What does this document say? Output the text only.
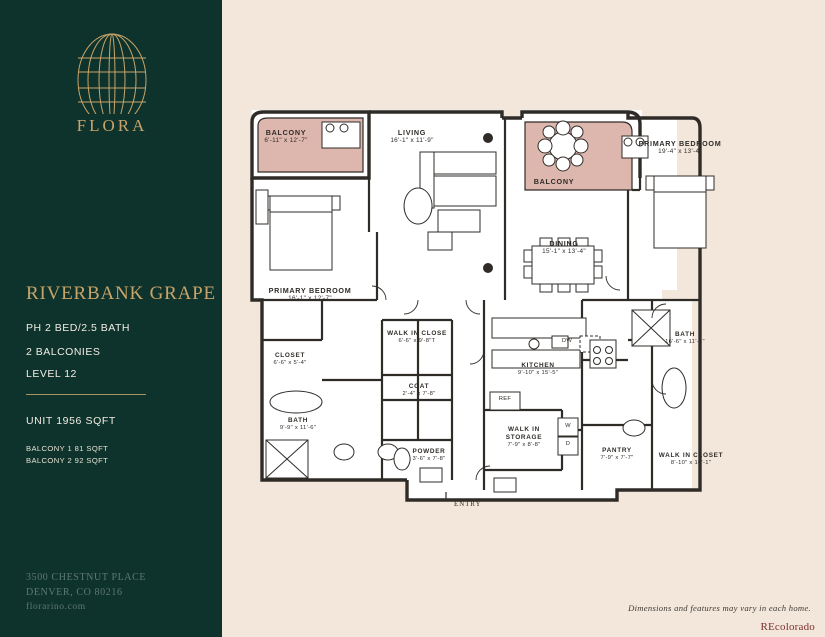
FLORA
RIVERBANK GRAPE
PH 2 BED/2.5 BATH
2 BALCONIES
LEVEL 12
UNIT 1956 SQFT
BALCONY 1 81 SQFT
BALCONY 2 92 SQFT
3500 CHESTNUT PLACE
DENVER, CO 80216
florarino.com
BALCONY
6'-11" x 12'-7"
LIVING
16'-1" x 11'-9"
BALCONY
PRIMARY BEDROOM
19'-4" x 13'-4"
DINING
15'-1" x 13'-4"
PRIMARY BEDROOM
16'-1" x 12'-7"
WALK IN CLOSE
6'-6" x 9'-8"T
BATH
16'-6" x 11'-1"
CLOSET
6'-6" x 5'-4"	KITCHEN
9'-10" x 15'-5"
COAT
2'-4" x 7'-8"
BATH
9'-9" x 11'-6"	WALK IN STORAGE
7'-9" x 8'-8"
PANTRY
7'-9" x 7'-7"
POWDER
3'-6" x 7'-8"	WALK IN CLOSET
8'-10" x 10'-1"
DW
REF
W
D
ENTRY
Dimensions and features may vary in each home.
REcolorado
